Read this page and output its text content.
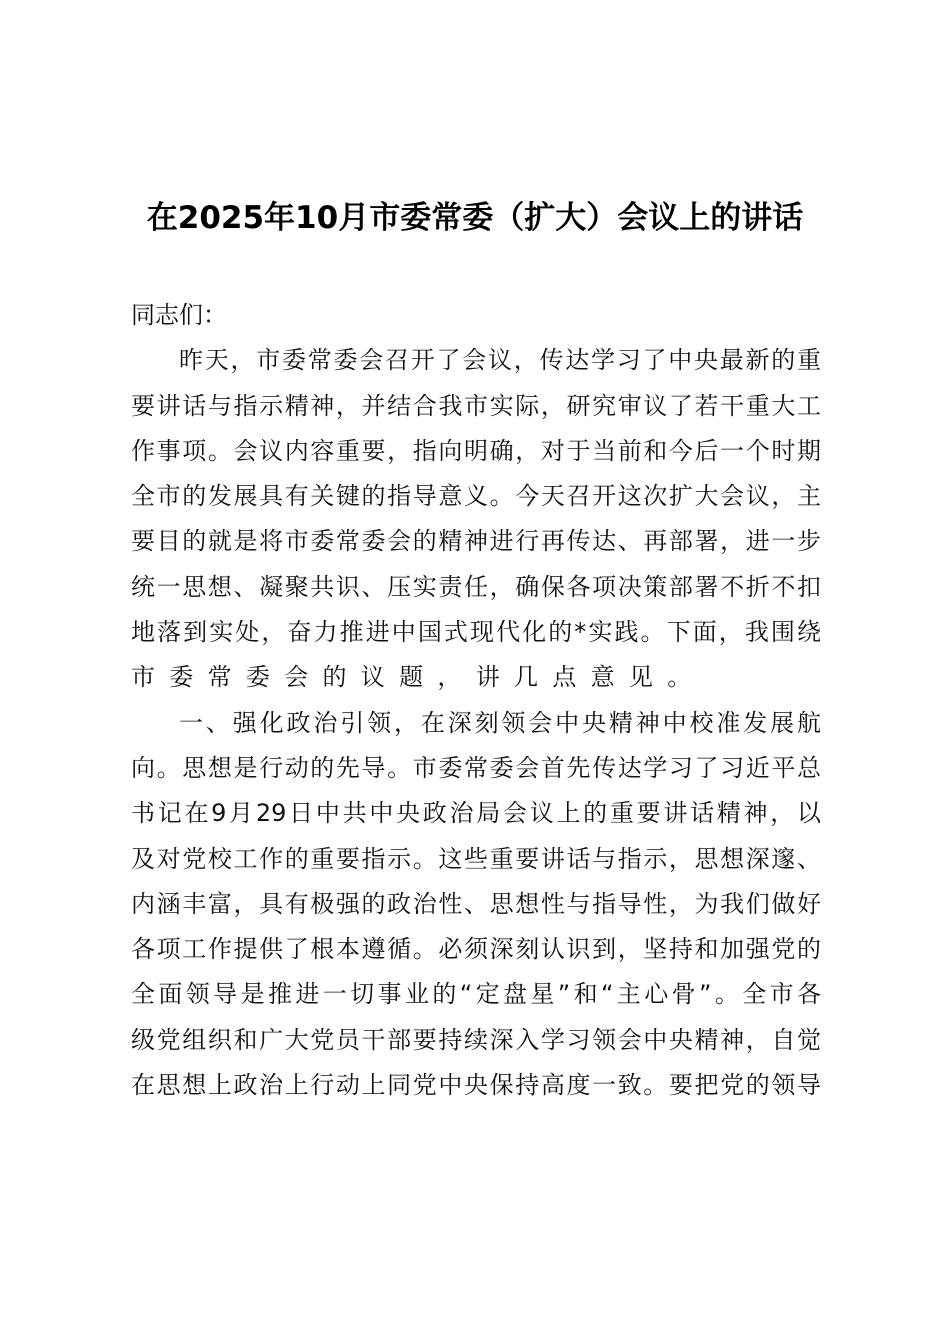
在2025年10月市委常委（扩大）会议上的讲话
同志们：
昨天，市委常委会召开了会议，传达学习了中央最新的重
要讲话与指示精神，并结合我市实际，研究审议了若干重大工
作事项。会议内容重要，指向明确，对于当前和今后一个时期
全市的发展具有关键的指导意义。今天召开这次扩大会议，主
要目的就是将市委常委会的精神进行再传达、再部署，进一步
统一思想、凝聚共识、压实责任，确保各项决策部署不折不扣
地落到实处，奋力推进中国式现代化的*实践。下面，我围绕
市委常委会的议题，讲几点意见。
一、强化政治引领，在深刻领会中央精神中校准发展航
向。思想是行动的先导。市委常委会首先传达学习了习近平总
书记在9月29日中共中央政治局会议上的重要讲话精神，以
及对党校工作的重要指示。这些重要讲话与指示，思想深邃、
内涵丰富，具有极强的政治性、思想性与指导性，为我们做好
各项工作提供了根本遵循。必须深刻认识到，坚持和加强党的
全面领导是推进一切事业的“定盘星”和“主心骨”。全市各
级党组织和广大党员干部要持续深入学习领会中央精神，自觉
在思想上政治上行动上同党中央保持高度一致。要把党的领导
